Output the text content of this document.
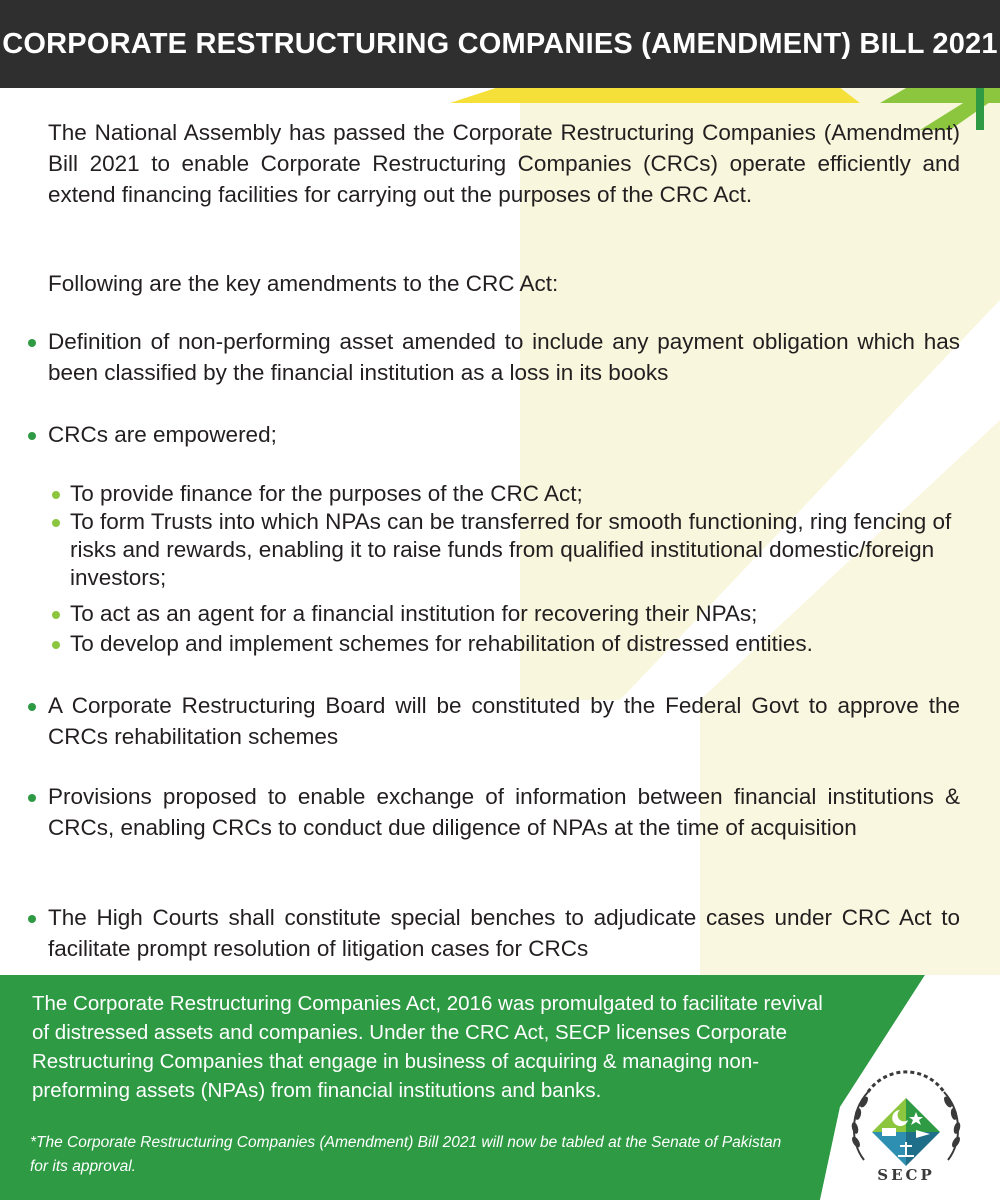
CORPORATE RESTRUCTURING COMPANIES (AMENDMENT) BILL 2021

The National Assembly has passed the Corporate Restructuring Companies (Amendment) Bill 2021 to enable Corporate Restructuring Companies (CRCs) operate efficiently and extend financing facilities for carrying out the purposes of the CRC Act.

Following are the key amendments to the CRC Act:

Definition of non-performing asset amended to include any payment obligation which has been classified by the financial institution as a loss in its books

CRCs are empowered;

To provide finance for the purposes of the CRC Act;

To form Trusts into which NPAs can be transferred for smooth functioning, ring fencing of risks and rewards, enabling it to raise funds from qualified institutional domestic/foreign investors;

To act as an agent for a financial institution for recovering their NPAs;

To develop and implement schemes for rehabilitation of distressed entities.

A Corporate Restructuring Board will be constituted by the Federal Govt to approve the CRCs rehabilitation schemes

Provisions proposed to enable exchange of information between financial institutions & CRCs, enabling CRCs to conduct due diligence of NPAs at the time of acquisition

The High Courts shall constitute special benches to adjudicate cases under CRC Act to facilitate prompt resolution of litigation cases for CRCs

The Corporate Restructuring Companies Act, 2016 was promulgated to facilitate revival of distressed assets and companies. Under the CRC Act, SECP licenses Corporate Restructuring Companies that engage in business of acquiring & managing non-preforming assets (NPAs) from financial institutions and banks.

*The Corporate Restructuring Companies (Amendment) Bill 2021 will now be tabled at the Senate of Pakistan for its approval.	SECP
